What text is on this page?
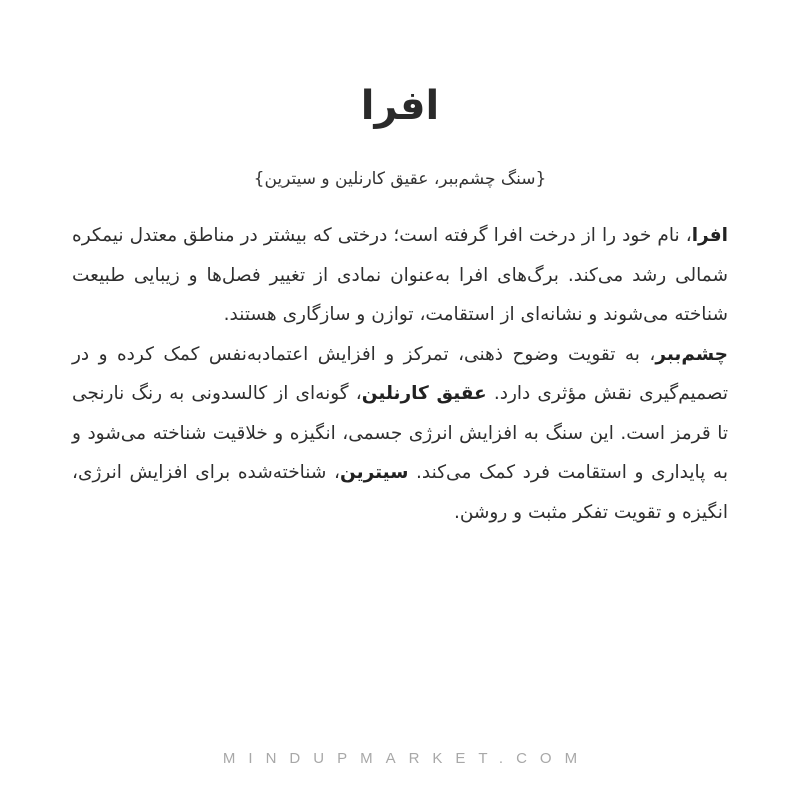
افرا
{سنگ چشم‌ببر، عقیق کارنلین و سیترین}

افرا، نام خود را از درخت افرا گرفته است؛ درختی که بیشتر در مناطق معتدل نیمکره شمالی رشد می‌کند. برگ‌های افرا به‌عنوان نمادی از تغییر فصل‌ها و زیبایی طبیعت شناخته می‌شوند و نشانه‌ای از استقامت، توازن و سازگاری هستند.

چشم‌ببر، به تقویت وضوح ذهنی، تمرکز و افزایش اعتمادبه‌نفس کمک کرده و در تصمیم‌گیری نقش مؤثری دارد. عقیق کارنلین، گونه‌ای از کالسدونی به رنگ نارنجی تا قرمز است. این سنگ به افزایش انرژی جسمی، انگیزه و خلاقیت شناخته می‌شود و به پایداری و استقامت فرد کمک می‌کند. سیترین، شناخته‌شده برای افزایش انرژی، انگیزه و تقویت تفکر مثبت و روشن.

MINDUPMARKET.COM
